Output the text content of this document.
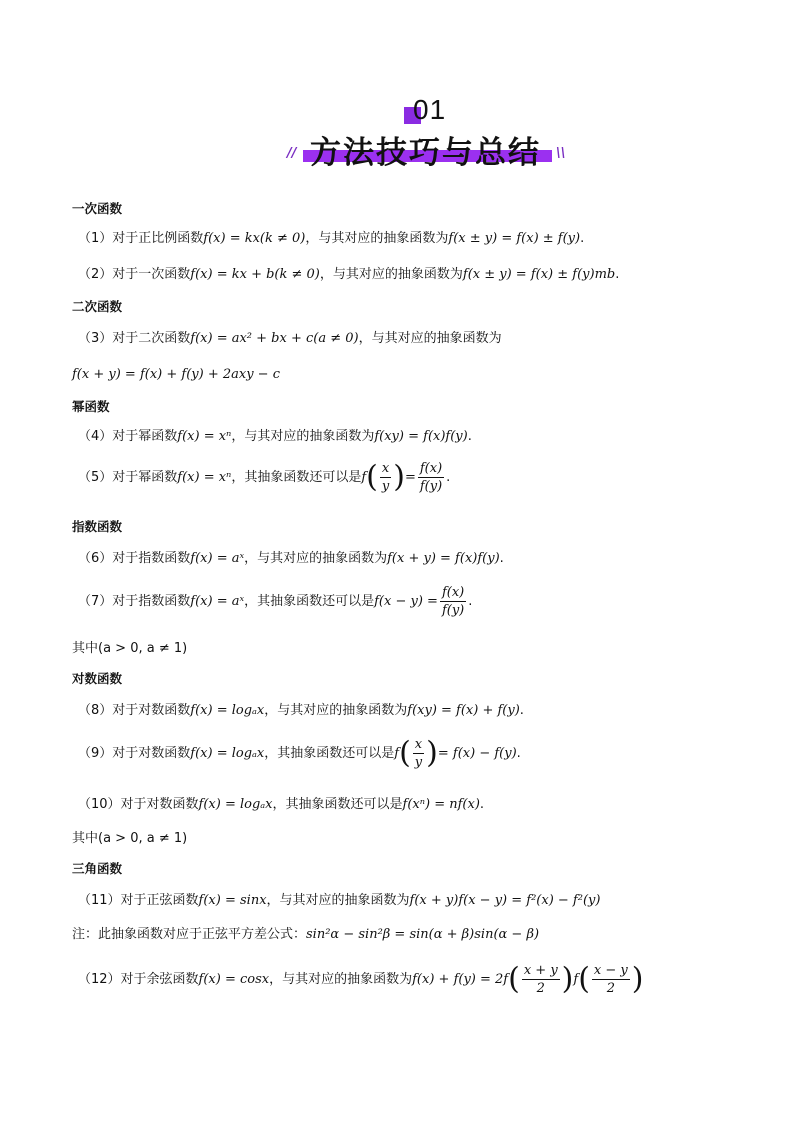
01
方法技巧与总结
//	\\
一次函数
（1）对于正比例函数f(x) = kx(k ≠ 0)，与其对应的抽象函数为f(x ± y) = f(x) ± f(y).
（2）对于一次函数f(x) = kx + b(k ≠ 0)，与其对应的抽象函数为f(x ± y) = f(x) ± f(y)mb.
二次函数
（3）对于二次函数f(x) = ax² + bx + c(a ≠ 0)，与其对应的抽象函数为
f(x + y) = f(x) + f(y) + 2axy − c
幂函数
（4）对于幂函数f(x) = xⁿ，与其对应的抽象函数为f(xy) = f(x)f(y).
（5）对于幂函数f(x) = xⁿ，其抽象函数还可以是$f( \frac{x}{y}$ )= $\frac{f(x)}{f(y)}$ .
指数函数
（6）对于指数函数f(x) = aˣ，与其对应的抽象函数为f(x + y) = f(x)f(y).
（7）对于指数函数f(x) = aˣ，其抽象函数还可以是$f(x - y) = \frac{f(x)}{f(y)}$ .
其中(a > 0, a ≠ 1)
对数函数
（8）对于对数函数f(x) = logₐx，与其对应的抽象函数为f(xy) = f(x) + f(y).
（9）对于对数函数f(x) = logₐx，其抽象函数还可以是$f( \frac{x}{y}$ )= f(x) − f(y).
（10）对于对数函数f(x) = logₐx，其抽象函数还可以是f(xⁿ) = nf(x).
其中(a > 0, a ≠ 1)
三角函数
（11）对于正弦函数f(x) = sinx，与其对应的抽象函数为f(x + y)f(x − y) = f²(x) − f²(y)
注：此抽象函数对应于正弦平方差公式：sin²α − sin²β = sin(α + β)sin(α − β)
（12）对于余弦函数f(x) = cosx，与其对应的抽象函数为$f(x) + f(y) = 2f( \frac{x + y}{2} )f( \frac{x - y}{2}$ )
